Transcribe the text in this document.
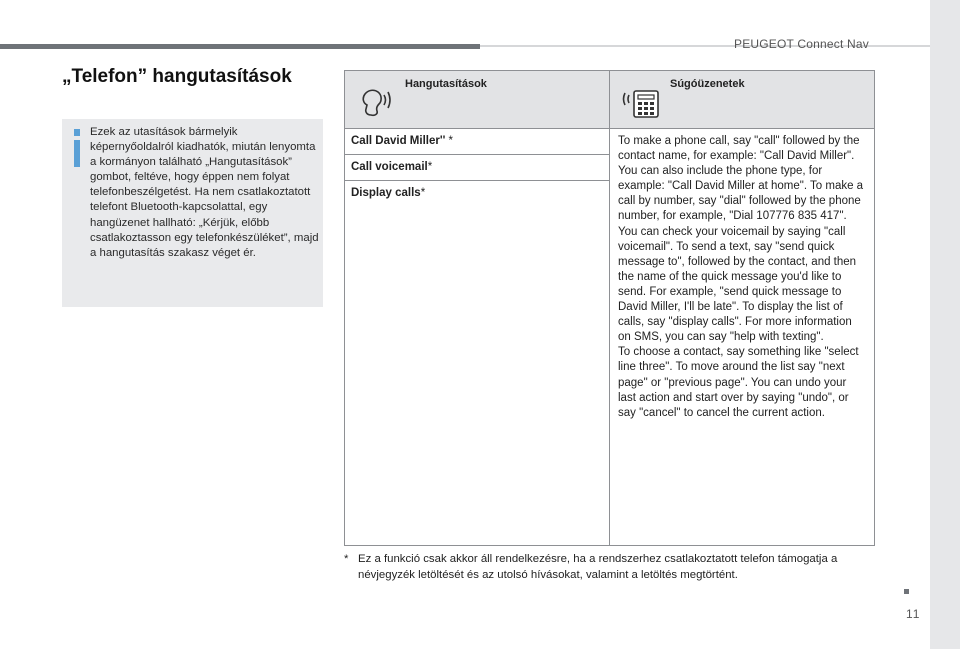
PEUGEOT Connect Nav
„Telefon” hangutasítások
Ezek az utasítások bármelyik képernyőoldalról kiadhatók, miután lenyomta a kormányon található „Hangutasítások” gombot, feltéve, hogy éppen nem folyat telefonbeszélgetést. Ha nem csatlakoztatott telefont Bluetooth-kapcsolattal, egy hangüzenet hallható: „Kérjük, előbb csatlakoztasson egy telefonkészüléket”, majd a hangutasítás szakasz véget ér.
Hangutasítások	Súgóüzenetek

Call David Miller'' *	To make a phone call, say "call" followed by the contact name, for example: "Call David Miller". You can also include the phone type, for example: "Call David Miller at home". To make a call by number, say "dial" followed by the phone number, for example, "Dial 107776 835 417". You can check your voicemail by saying "call voicemail". To send a text, say "send quick message to", followed by the contact, and then the name of the quick message you'd like to send. For example, "send quick message to David Miller, I'll be late". To display the list of calls, say "display calls". For more information on SMS, you can say "help with texting".
To choose a contact, say something like "select line three". To move around the list say "next page" or "previous page". You can undo your last action and start over by saying "undo", or say "cancel" to cancel the current action.
Call voicemail*	
Display calls*	
* Ez a funkció csak akkor áll rendelkezésre, ha a rendszerhez csatlakoztatott telefon támogatja a névjegyzék letöltését és az utolsó hívásokat, valamint a letöltés megtörtént.
11
